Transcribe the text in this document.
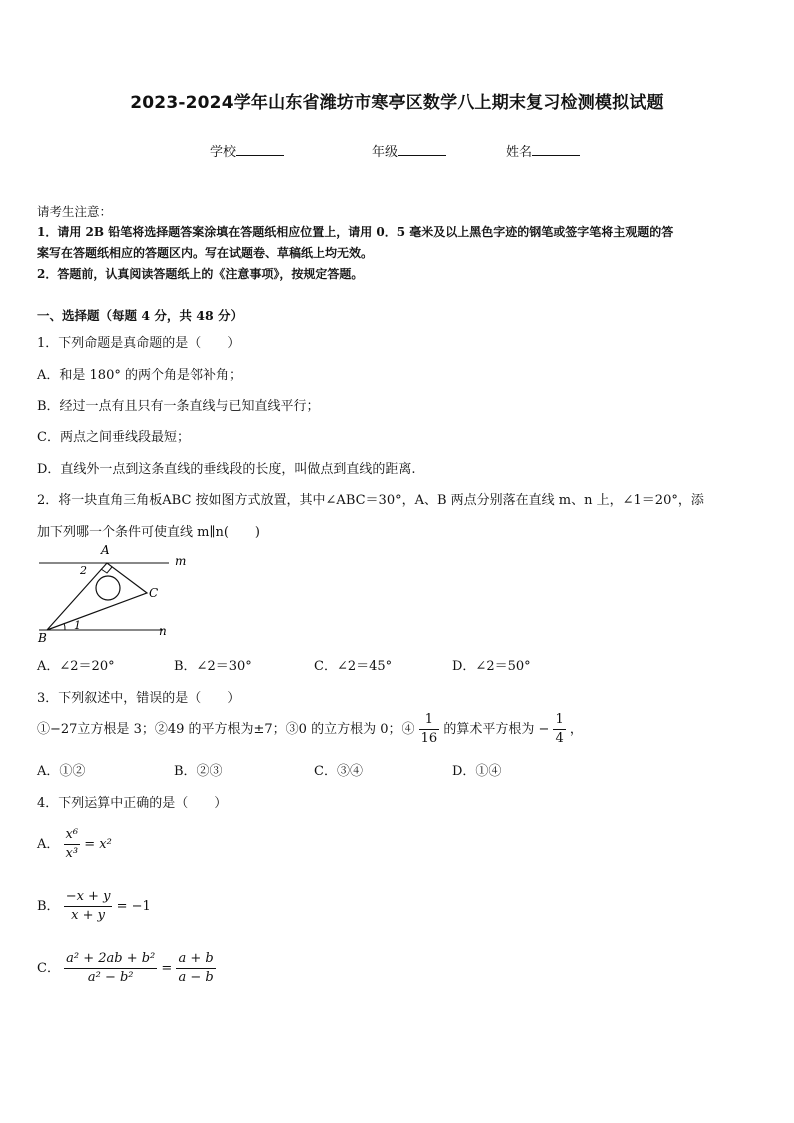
2023-2024学年山东省潍坊市寒亭区数学八上期末复习检测模拟试题
学校	年级	姓名
请考生注意：
1．请用 2B 铅笔将选择题答案涂填在答题纸相应位置上，请用 0．5 毫米及以上黑色字迹的钢笔或签字笔将主观题的答
案写在答题纸相应的答题区内。写在试题卷、草稿纸上均无效。
2．答题前，认真阅读答题纸上的《注意事项》，按规定答题。
一、选择题（每题 4 分，共 48 分）
1．下列命题是真命题的是（　　）
A．和是 180° 的两个角是邻补角；
B．经过一点有且只有一条直线与已知直线平行；
C．两点之间垂线段最短；
D．直线外一点到这条直线的垂线段的长度，叫做点到直线的距离.
2．将一块直角三角板ABC 按如图方式放置，其中∠ABC＝30°，A、B 两点分别落在直线 m、n 上，∠1＝20°，添
加下列哪一个条件可使直线 m∥n(　　)
A
m
C
B	n
1
2
A．∠2＝20°	B．∠2＝30°	C．∠2＝45°	D．∠2＝50°
3．下列叙述中，错误的是（　　）
①−27立方根是 3；②49 的平方根为±7；③0 的立方根为 0；④ $\frac{1}{16}$ 的算术平方根为 − $\frac{1}{4}$ ，
A．①②	B．②③	C．③④	D．①④
4．下列运算中正确的是（　　）
A． $\frac{\text{x⁶}}{\text{x³}} = x^2$
B． $\frac{-x + y}{x + y} = -1$
C． $\frac{\text{a² + 2ab + b²}}{\text{a² − b²}} = \frac{a + b}{a - b}$
